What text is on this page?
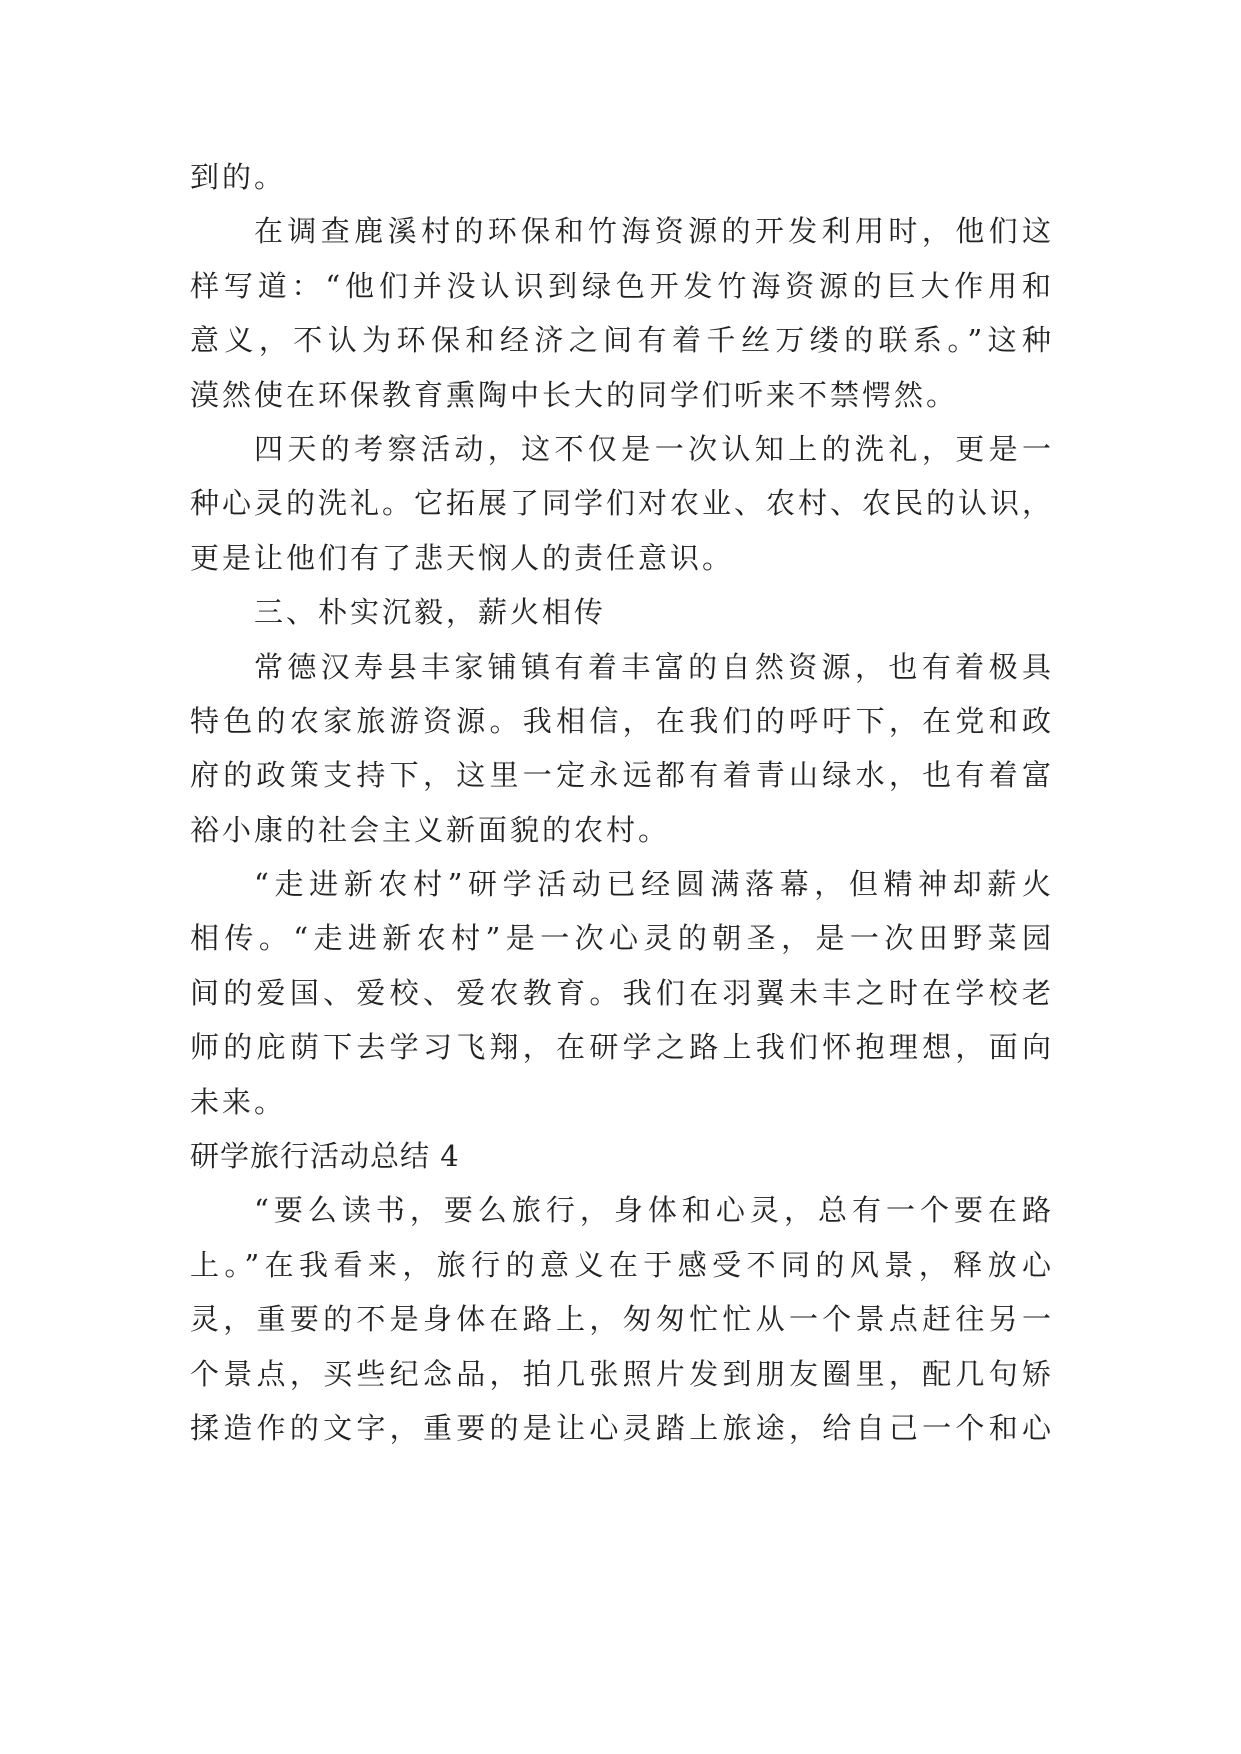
到的。
在调查鹿溪村的环保和竹海资源的开发利用时，他们这
样写道：“他们并没认识到绿色开发竹海资源的巨大作用和
意义，不认为环保和经济之间有着千丝万缕的联系。”这种
漠然使在环保教育熏陶中长大的同学们听来不禁愕然。
四天的考察活动，这不仅是一次认知上的洗礼，更是一
种心灵的洗礼。它拓展了同学们对农业、农村、农民的认识，
更是让他们有了悲天悯人的责任意识。
三、朴实沉毅，薪火相传
常德汉寿县丰家铺镇有着丰富的自然资源，也有着极具
特色的农家旅游资源。我相信，在我们的呼吁下，在党和政
府的政策支持下，这里一定永远都有着青山绿水，也有着富
裕小康的社会主义新面貌的农村。
“走进新农村”研学活动已经圆满落幕，但精神却薪火
相传。“走进新农村”是一次心灵的朝圣，是一次田野菜园
间的爱国、爱校、爱农教育。我们在羽翼未丰之时在学校老
师的庇荫下去学习飞翔，在研学之路上我们怀抱理想，面向
未来。
研学旅行活动总结 4
“要么读书，要么旅行，身体和心灵，总有一个要在路
上。”在我看来，旅行的意义在于感受不同的风景，释放心
灵，重要的不是身体在路上，匆匆忙忙从一个景点赶往另一
个景点，买些纪念品，拍几张照片发到朋友圈里，配几句矫
揉造作的文字，重要的是让心灵踏上旅途，给自己一个和心
